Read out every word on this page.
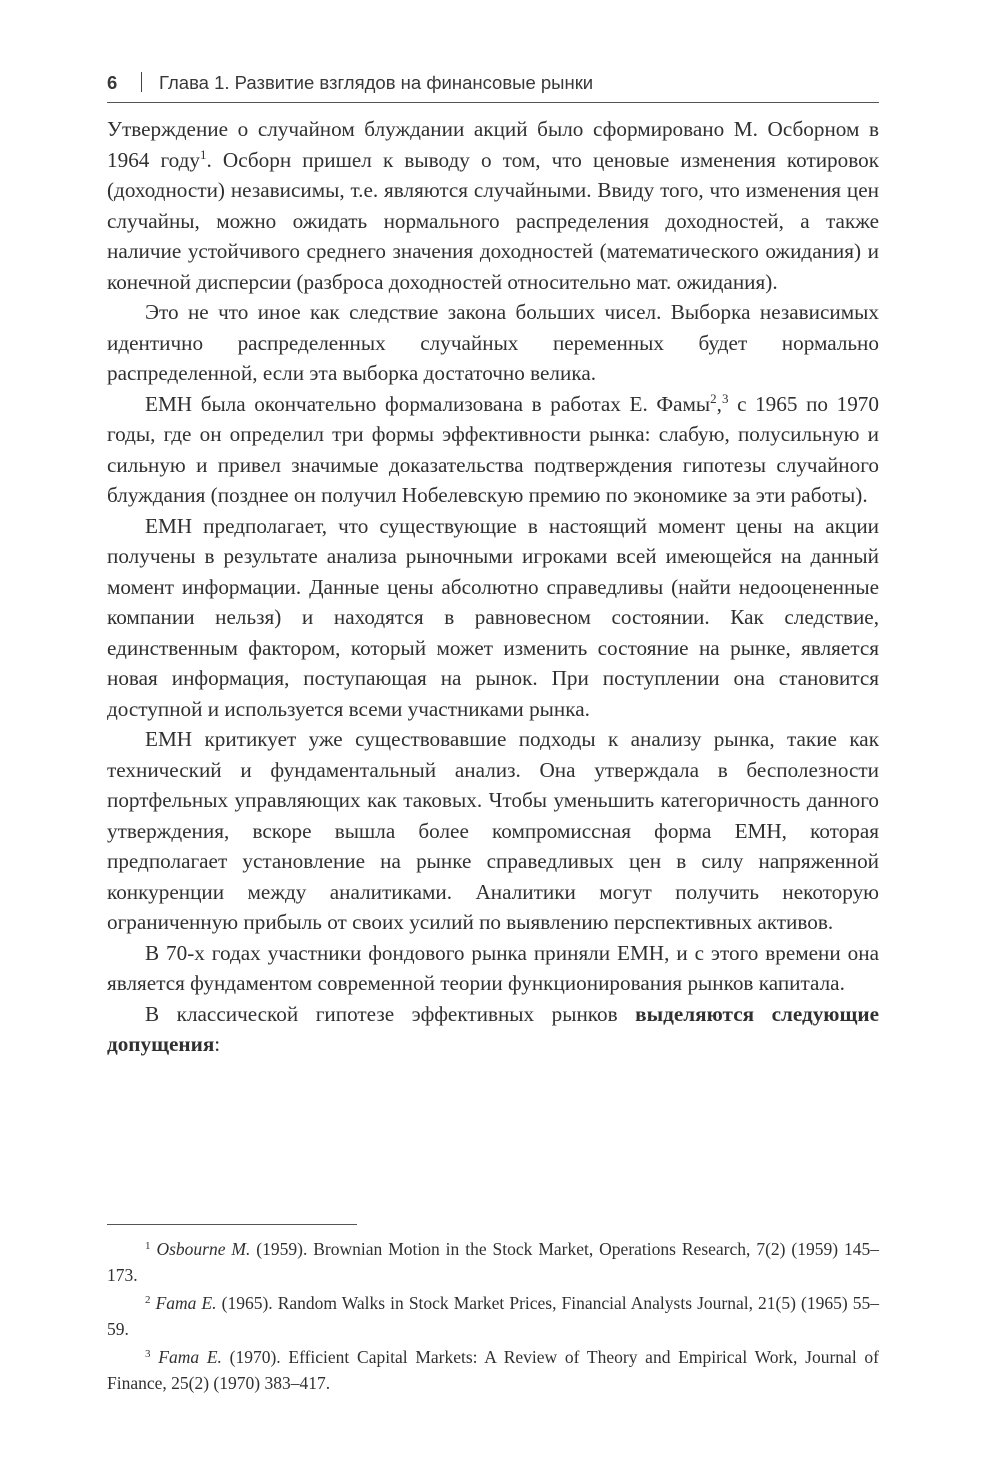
6 Глава 1. Развитие взглядов на финансовые рынки

Утверждение о случайном блуждании акций было сформировано М. Осборном в 1964 году$^1$. Осборн пришел к выводу о том, что ценовые изменения котировок (доходности) независимы, т.е. являются случайными. Ввиду того, что изменения цен случайны, можно ожидать нормального распределения доходностей, а также наличие устойчивого среднего значения доходностей (математического ожидания) и конечной дисперсии (разброса доходностей относительно мат. ожидания).

Это не что иное как следствие закона больших чисел. Выборка независимых идентично распределенных случайных переменных будет нормально распределенной, если эта выборка достаточно велика.

ЕМН была окончательно формализована в работах Е. Фамы$^2$,$^3$ с 1965 по 1970 годы, где он определил три формы эффективности рынка: слабую, полусильную и сильную и привел значимые доказательства подтверждения гипотезы случайного блуждания (позднее он получил Нобелевскую премию по экономике за эти работы).

ЕМН предполагает, что существующие в настоящий момент цены на акции получены в результате анализа рыночными игроками всей имеющейся на данный момент информации. Данные цены абсолютно справедливы (найти недооцененные компании нельзя) и находятся в равновесном состоянии. Как следствие, единственным фактором, который может изменить состояние на рынке, является новая информация, поступающая на рынок. При поступлении она становится доступной и используется всеми участниками рынка.

ЕМН критикует уже существовавшие подходы к анализу рынка, такие как технический и фундаментальный анализ. Она утверждала в бесполезности портфельных управляющих как таковых. Чтобы уменьшить категоричность данного утверждения, вскоре вышла более компромиссная форма ЕМН, которая предполагает установление на рынке справедливых цен в силу напряженной конкуренции между аналитиками. Аналитики могут получить некоторую ограниченную прибыль от своих усилий по выявлению перспективных активов.

В 70-х годах участники фондового рынка приняли ЕМН, и с этого времени она является фундаментом современной теории функционирования рынков капитала.

В классической гипотезе эффективных рынков выделяются следующие допущения:

$^1$ Osbourne M. (1959). Brownian Motion in the Stock Market, Operations Research, 7(2) (1959) 145–173.

$^2$ Fama E. (1965). Random Walks in Stock Market Prices, Financial Analysts Journal, 21(5) (1965) 55–59.

$^3$ Fama E. (1970). Efficient Capital Markets: A Review of Theory and Empirical Work, Journal of Finance, 25(2) (1970) 383–417.
